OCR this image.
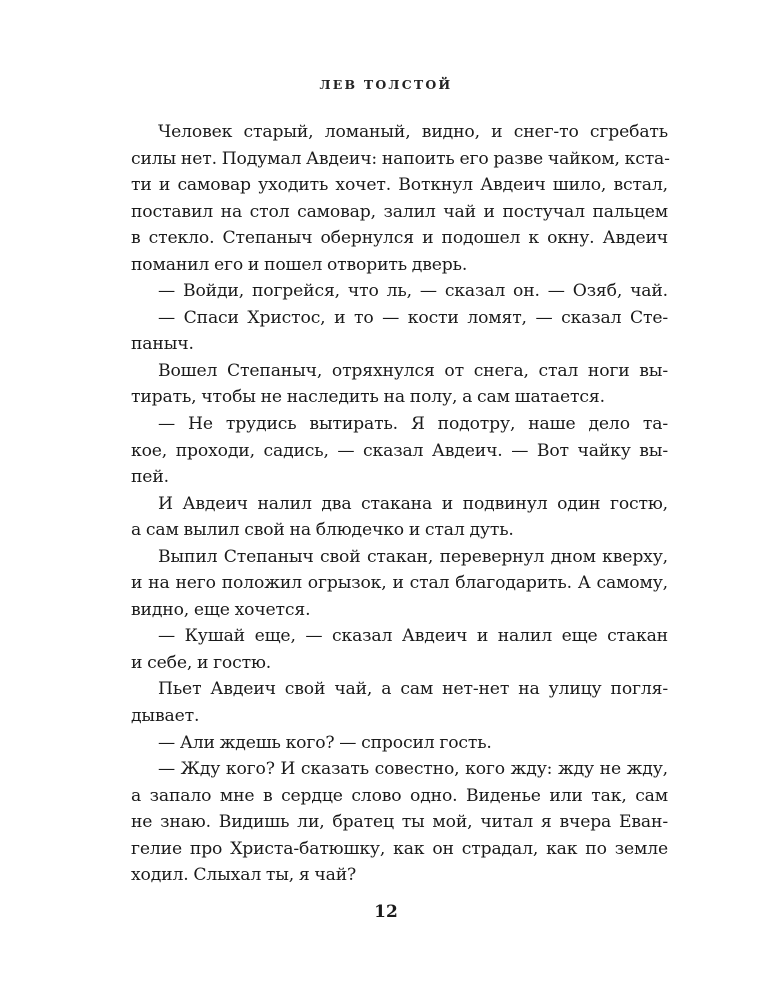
ЛЕВ ТОЛСТОЙ
Человек старый, ломаный, видно, и снег-то сгребать
силы нет. Подумал Авдеич: напоить его разве чайком, кста-
ти и самовар уходить хочет. Воткнул Авдеич шило, встал,
поставил на стол самовар, залил чай и постучал пальцем
в стекло. Степаныч обернулся и подошел к окну. Авдеич
поманил его и пошел отворить дверь.
— Войди, погрейся, что ль, — сказал он. — Озяб, чай.
— Спаси Христос, и то — кости ломят, — сказал Сте-
паныч.
Вошел Степаныч, отряхнулся от снега, стал ноги вы-
тирать, чтобы не наследить на полу, а сам шатается.
— Не трудись вытирать. Я подотру, наше дело та-
кое, проходи, садись, — сказал Авдеич. — Вот чайку вы-
пей.
И Авдеич налил два стакана и подвинул один гостю,
а сам вылил свой на блюдечко и стал дуть.
Выпил Степаныч свой стакан, перевернул дном кверху,
и на него положил огрызок, и стал благодарить. А самому,
видно, еще хочется.
— Кушай еще, — сказал Авдеич и налил еще стакан
и себе, и гостю.
Пьет Авдеич свой чай, а сам нет-нет на улицу погля-
дывает.
— Али ждешь кого? — спросил гость.
— Жду кого? И сказать совестно, кого жду: жду не жду,
а запало мне в сердце слово одно. Виденье или так, сам
не знаю. Видишь ли, братец ты мой, читал я вчера Еван-
гелие про Христа-батюшку, как он страдал, как по земле
ходил. Слыхал ты, я чай?
12
